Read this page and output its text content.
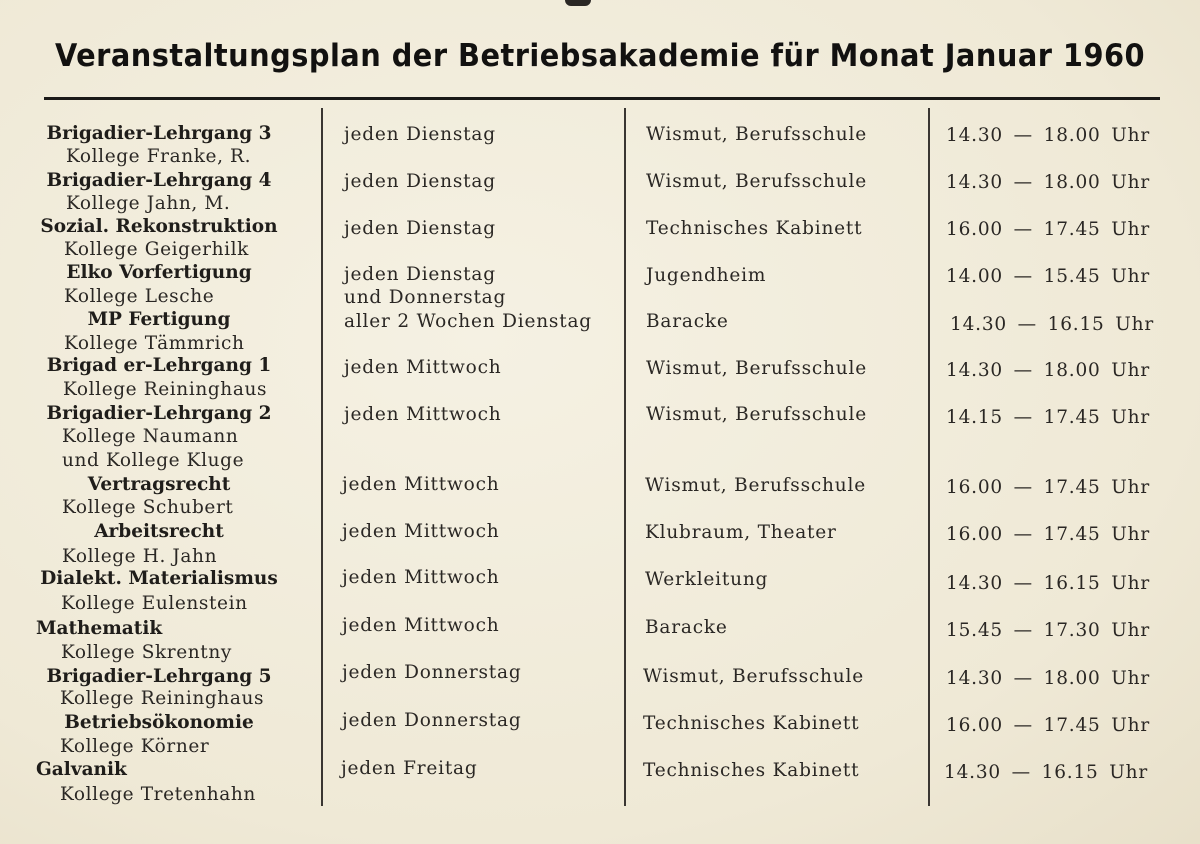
Veranstaltungsplan der Betriebsakademie für Monat Januar 1960
Brigadier-Lehrgang 3
Kollege Franke, R.
jeden Dienstag	Wismut, Berufsschule	14.30 — 18.00 Uhr
Brigadier-Lehrgang 4
Kollege Jahn, M.
jeden Dienstag	Wismut, Berufsschule	14.30 — 18.00 Uhr
Sozial. Rekonstruktion
Kollege Geigerhilk
jeden Dienstag	Technisches Kabinett	16.00 — 17.45 Uhr
Elko Vorfertigung
Kollege Lesche
jeden Dienstag
und Donnerstag
Jugendheim	14.00 — 15.45 Uhr
MP Fertigung
Kollege Tämmrich
aller 2 Wochen Dienstag	Baracke	14.30 — 16.15 Uhr
Brigad er-Lehrgang 1
Kollege Reininghaus
jeden Mittwoch	Wismut, Berufsschule	14.30 — 18.00 Uhr
Brigadier-Lehrgang 2
Kollege Naumann
und Kollege Kluge
jeden Mittwoch	Wismut, Berufsschule	14.15 — 17.45 Uhr
Vertragsrecht
Kollege Schubert
jeden Mittwoch	Wismut, Berufsschule	16.00 — 17.45 Uhr
Arbeitsrecht
Kollege H. Jahn
jeden Mittwoch	Klubraum, Theater	16.00 — 17.45 Uhr
Dialekt. Materialismus
Kollege Eulenstein
jeden Mittwoch	Werkleitung	14.30 — 16.15 Uhr
Mathematik
Kollege Skrentny
jeden Mittwoch	Baracke	15.45 — 17.30 Uhr
Brigadier-Lehrgang 5
Kollege Reininghaus
jeden Donnerstag	Wismut, Berufsschule	14.30 — 18.00 Uhr
Betriebsökonomie
Kollege Körner
jeden Donnerstag	Technisches Kabinett	16.00 — 17.45 Uhr
Galvanik
Kollege Tretenhahn
jeden Freitag	Technisches Kabinett	14.30 — 16.15 Uhr
